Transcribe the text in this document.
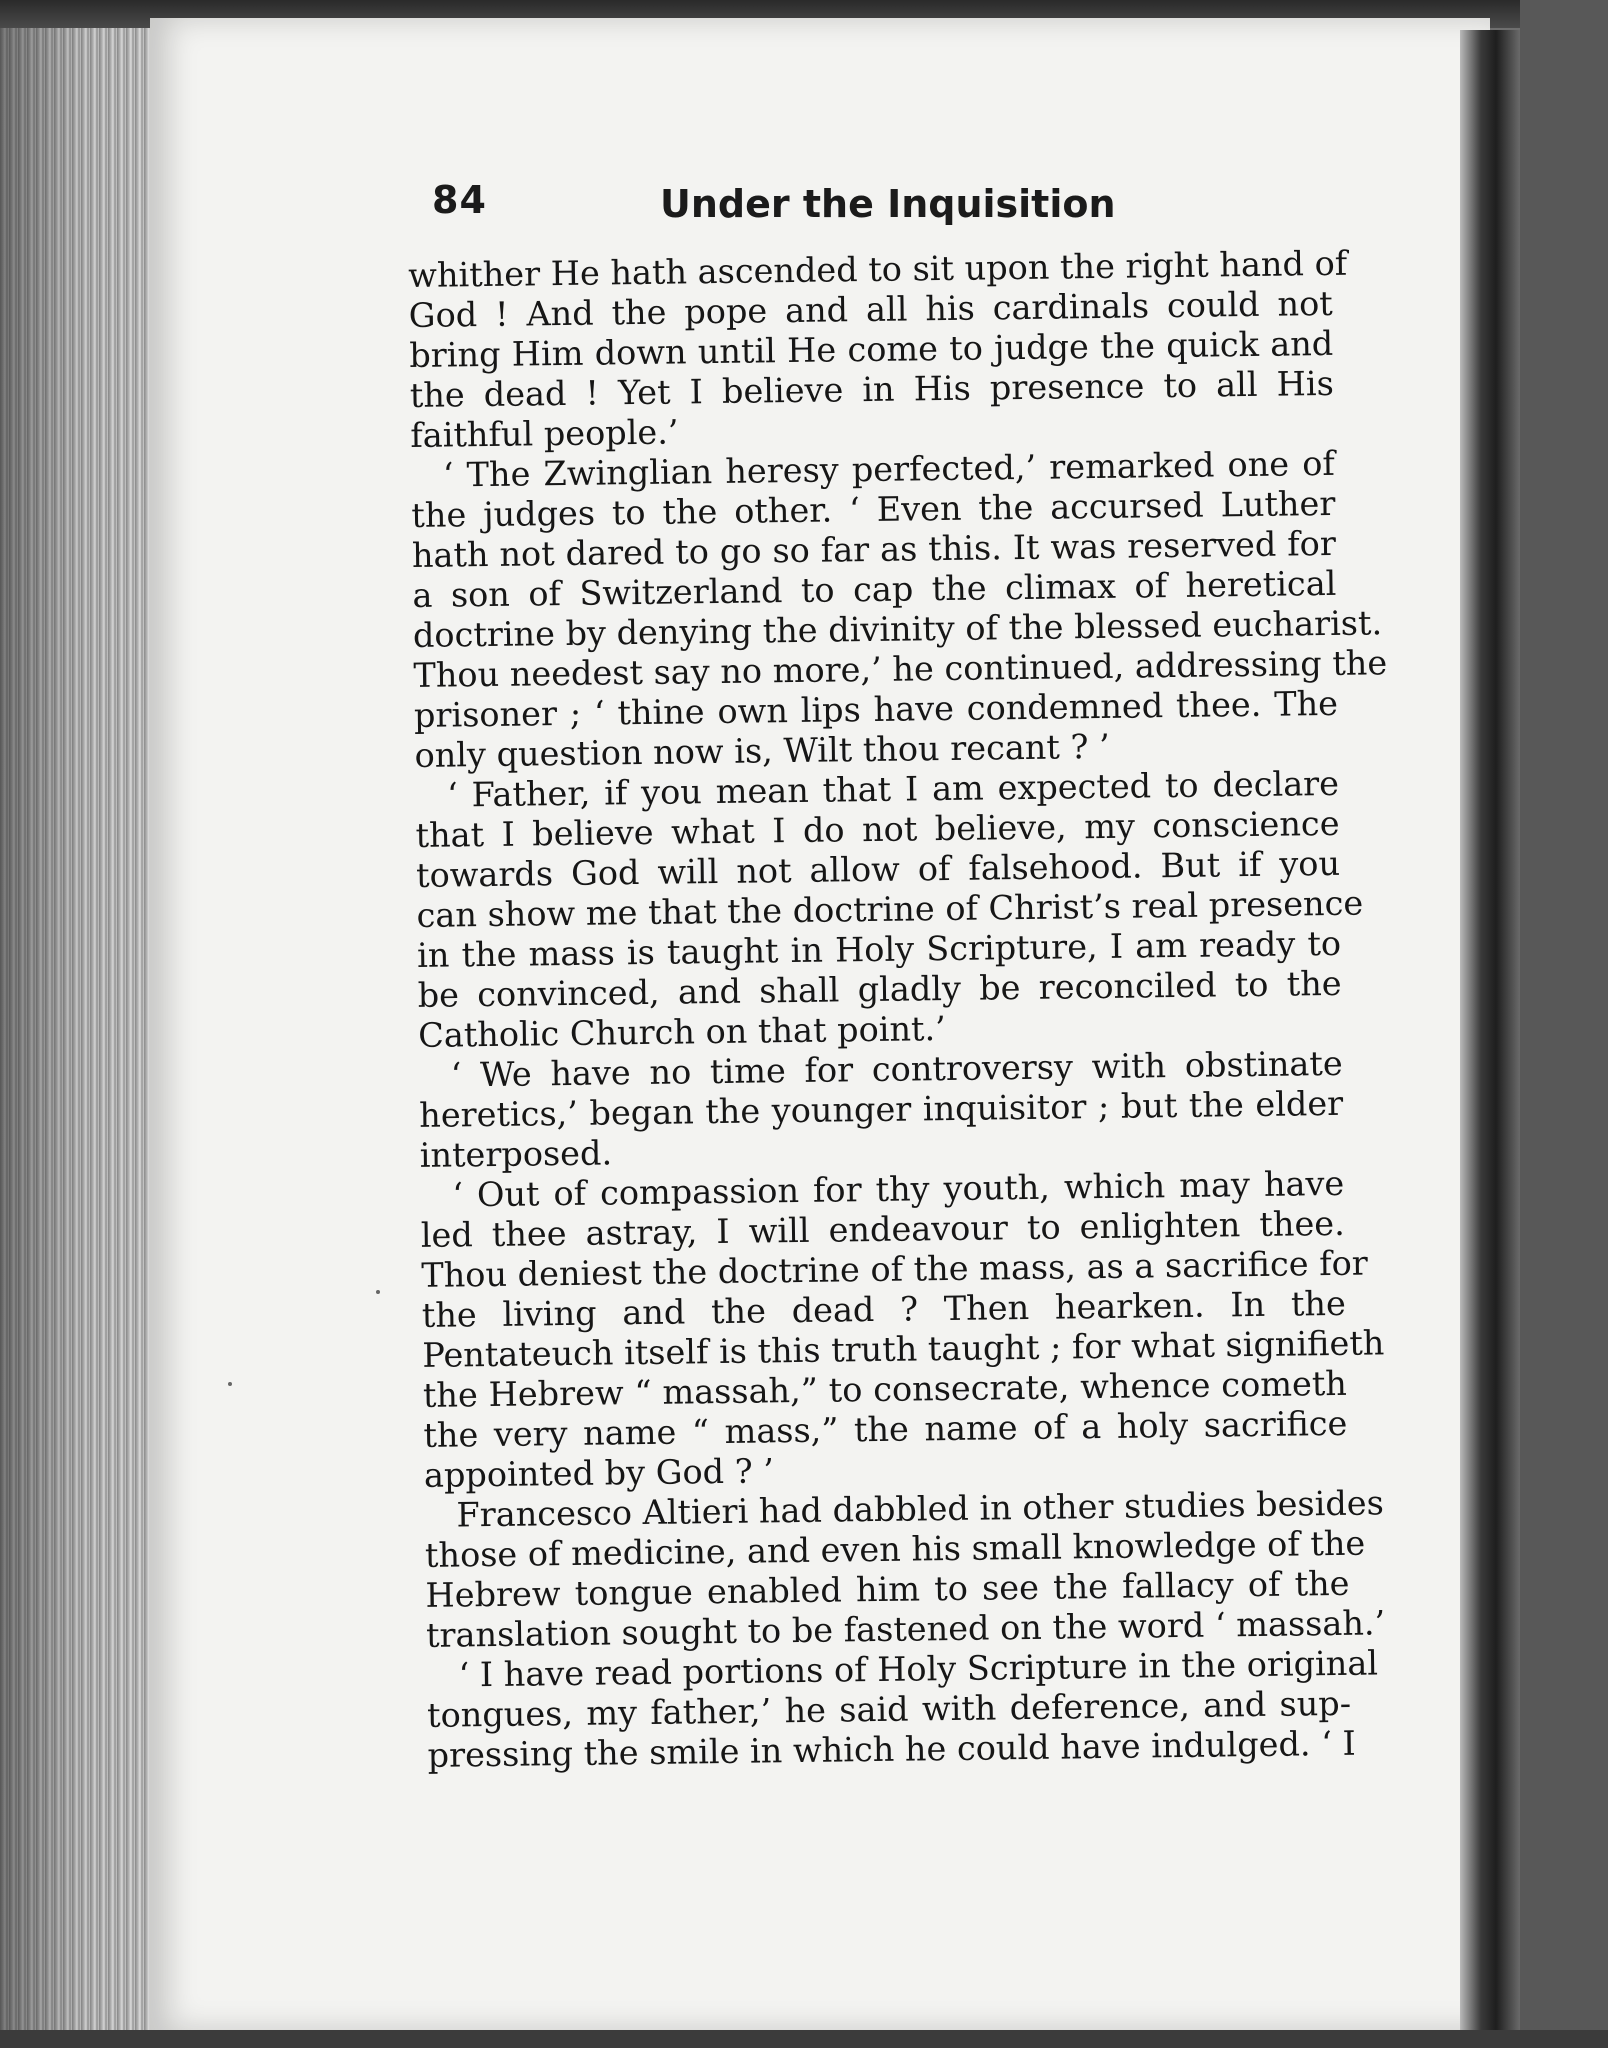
84	Under the Inquisition
whither He hath ascended to sit upon the right hand of
God ! And the pope and all his cardinals could not
bring Him down until He come to judge the quick and
the dead ! Yet I believe in His presence to all His
faithful people.’
‘ The Zwinglian heresy perfected,’ remarked one of
the judges to the other. ‘ Even the accursed Luther
hath not dared to go so far as this. It was reserved for
a son of Switzerland to cap the climax of heretical
doctrine by denying the divinity of the blessed eucharist.
Thou needest say no more,’ he continued, addressing the
prisoner ; ‘ thine own lips have condemned thee. The
only question now is, Wilt thou recant ? ’
‘ Father, if you mean that I am expected to declare
that I believe what I do not believe, my conscience
towards God will not allow of falsehood. But if you
can show me that the doctrine of Christ’s real presence
in the mass is taught in Holy Scripture, I am ready to
be convinced, and shall gladly be reconciled to the
Catholic Church on that point.’
‘ We have no time for controversy with obstinate
heretics,’ began the younger inquisitor ; but the elder
interposed.
‘ Out of compassion for thy youth, which may have
led thee astray, I will endeavour to enlighten thee.
Thou deniest the doctrine of the mass, as a sacrifice for
the living and the dead ? Then hearken. In the
Pentateuch itself is this truth taught ; for what signifieth
the Hebrew “ massah,” to consecrate, whence cometh
the very name “ mass,” the name of a holy sacrifice
appointed by God ? ’
Francesco Altieri had dabbled in other studies besides
those of medicine, and even his small knowledge of the
Hebrew tongue enabled him to see the fallacy of the
translation sought to be fastened on the word ‘ massah.’
‘ I have read portions of Holy Scripture in the original
tongues, my father,’ he said with deference, and sup-
pressing the smile in which he could have indulged. ‘ I
